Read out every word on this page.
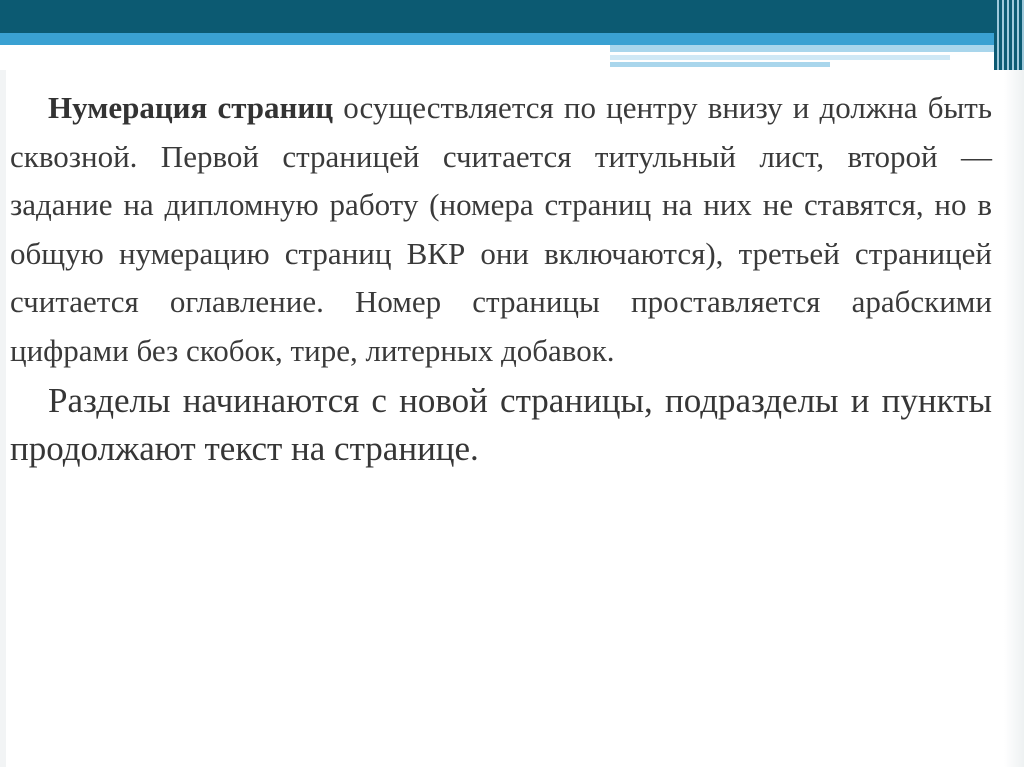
Нумерация страниц осуществляется по центру внизу и должна быть сквозной. Первой страницей считается титульный лист, второй — задание на дипломную работу (номера страниц на них не ставятся, но в общую нумерацию страниц ВКР они включаются), третьей страницей считается оглавление. Номер страницы проставляется арабскими цифрами без скобок, тире, литерных добавок.

Разделы начинаются с новой страницы, подразделы и пункты продолжают текст на странице.
